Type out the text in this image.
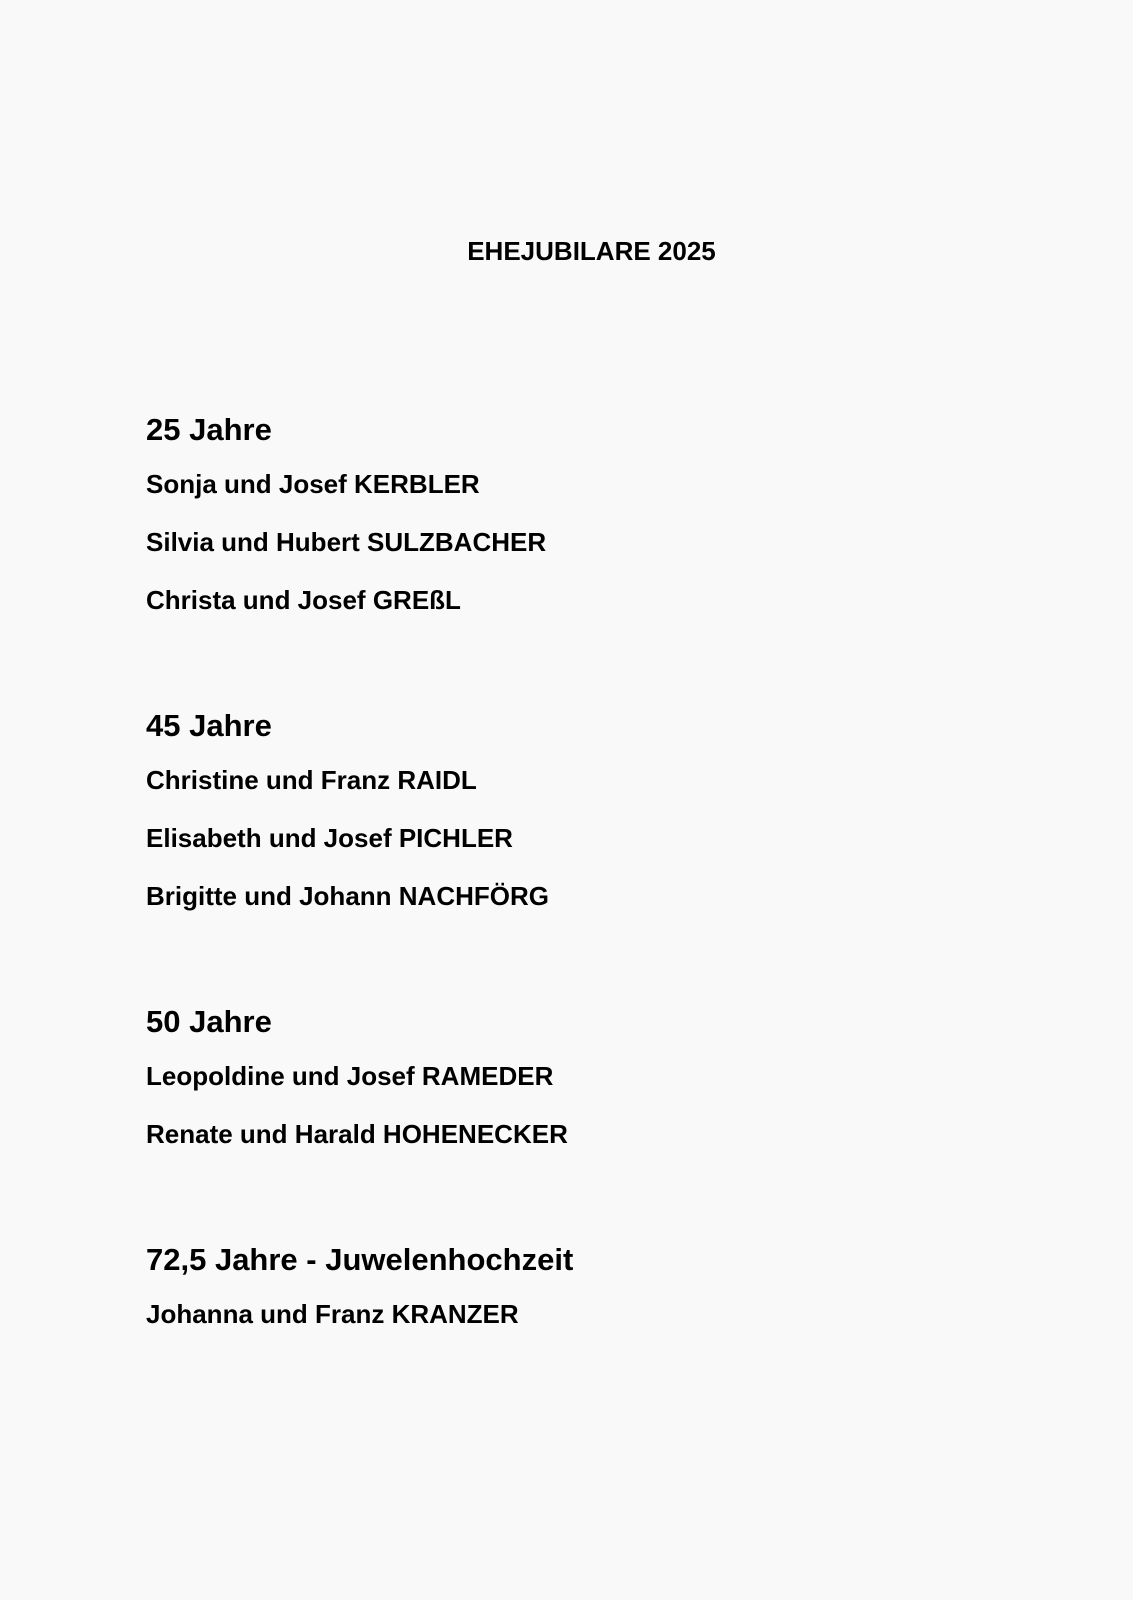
EHEJUBILARE 2025
25 Jahre
Sonja und Josef KERBLER
Silvia und Hubert SULZBACHER
Christa und Josef GREßL
45 Jahre
Christine und Franz RAIDL
Elisabeth und Josef PICHLER
Brigitte und Johann NACHFÖRG
50 Jahre
Leopoldine und Josef RAMEDER
Renate und Harald HOHENECKER
72,5 Jahre - Juwelenhochzeit
Johanna und Franz KRANZER
